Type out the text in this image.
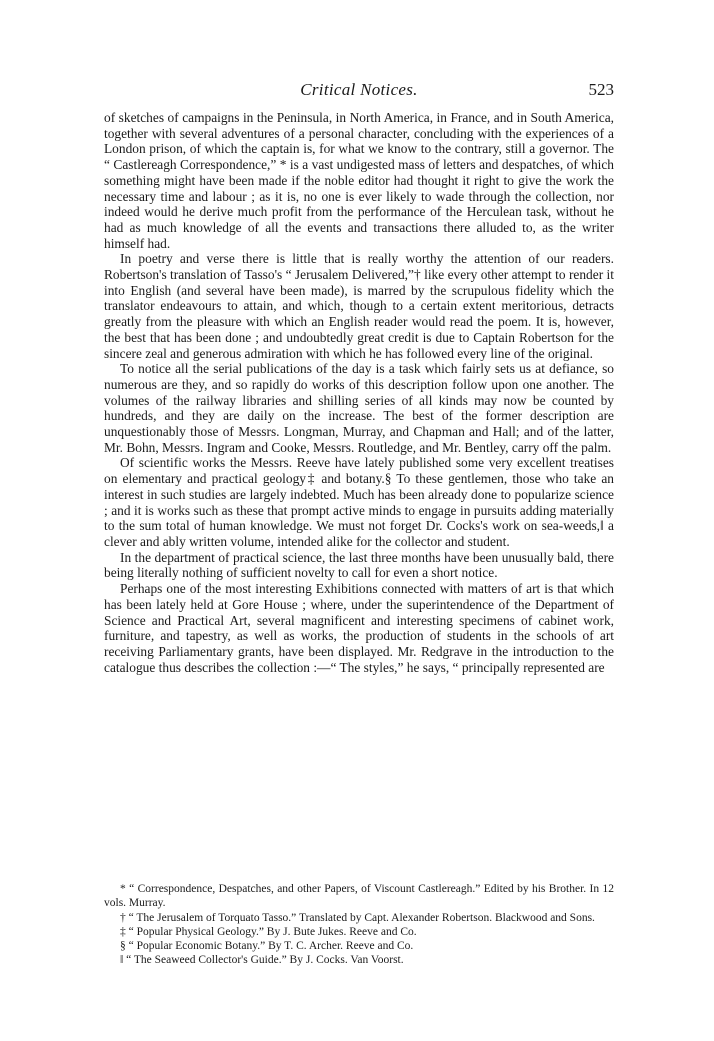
Critical Notices.	523

of sketches of campaigns in the Peninsula, in North America, in France, and in South America, together with several adventures of a personal character, concluding with the experiences of a London prison, of which the captain is, for what we know to the contrary, still a governor. The “ Castlereagh Correspondence,” * is a vast undigested mass of letters and despatches, of which something might have been made if the noble editor had thought it right to give the work the necessary time and labour ; as it is, no one is ever likely to wade through the collection, nor indeed would he derive much profit from the performance of the Herculean task, without he had as much knowledge of all the events and transactions there alluded to, as the writer himself had.

In poetry and verse there is little that is really worthy the attention of our readers. Robertson's translation of Tasso's “ Jerusalem Delivered,”† like every other attempt to render it into English (and several have been made), is marred by the scrupulous fidelity which the translator endeavours to attain, and which, though to a certain extent meritorious, detracts greatly from the pleasure with which an English reader would read the poem. It is, however, the best that has been done ; and undoubtedly great credit is due to Captain Robertson for the sincere zeal and generous admiration with which he has followed every line of the original.

To notice all the serial publications of the day is a task which fairly sets us at defiance, so numerous are they, and so rapidly do works of this description follow upon one another. The volumes of the railway libraries and shilling series of all kinds may now be counted by hundreds, and they are daily on the increase. The best of the former description are unquestionably those of Messrs. Longman, Murray, and Chapman and Hall; and of the latter, Mr. Bohn, Messrs. Ingram and Cooke, Messrs. Routledge, and Mr. Bentley, carry off the palm.

Of scientific works the Messrs. Reeve have lately published some very excellent treatises on elementary and practical geology‡ and botany.§ To these gentlemen, those who take an interest in such studies are largely indebted. Much has been already done to popularize science ; and it is works such as these that prompt active minds to engage in pursuits adding materially to the sum total of human knowledge. We must not forget Dr. Cocks's work on sea-weeds,‖ a clever and ably written volume, intended alike for the collector and student.

In the department of practical science, the last three months have been unusually bald, there being literally nothing of sufficient novelty to call for even a short notice.

Perhaps one of the most interesting Exhibitions connected with matters of art is that which has been lately held at Gore House ; where, under the superintendence of the Department of Science and Practical Art, several magnificent and interesting specimens of cabinet work, furniture, and tapestry, as well as works, the production of students in the schools of art receiving Parliamentary grants, have been displayed. Mr. Redgrave in the introduction to the catalogue thus describes the collection :—“ The styles,” he says, “ principally represented are

* “ Correspondence, Despatches, and other Papers, of Viscount Castlereagh.” Edited by his Brother. In 12 vols. Murray.

† “ The Jerusalem of Torquato Tasso.” Translated by Capt. Alexander Robertson. Blackwood and Sons.

‡ “ Popular Physical Geology.” By J. Bute Jukes. Reeve and Co.

§ “ Popular Economic Botany.” By T. C. Archer. Reeve and Co.

‖ “ The Seaweed Collector's Guide.” By J. Cocks. Van Voorst.
